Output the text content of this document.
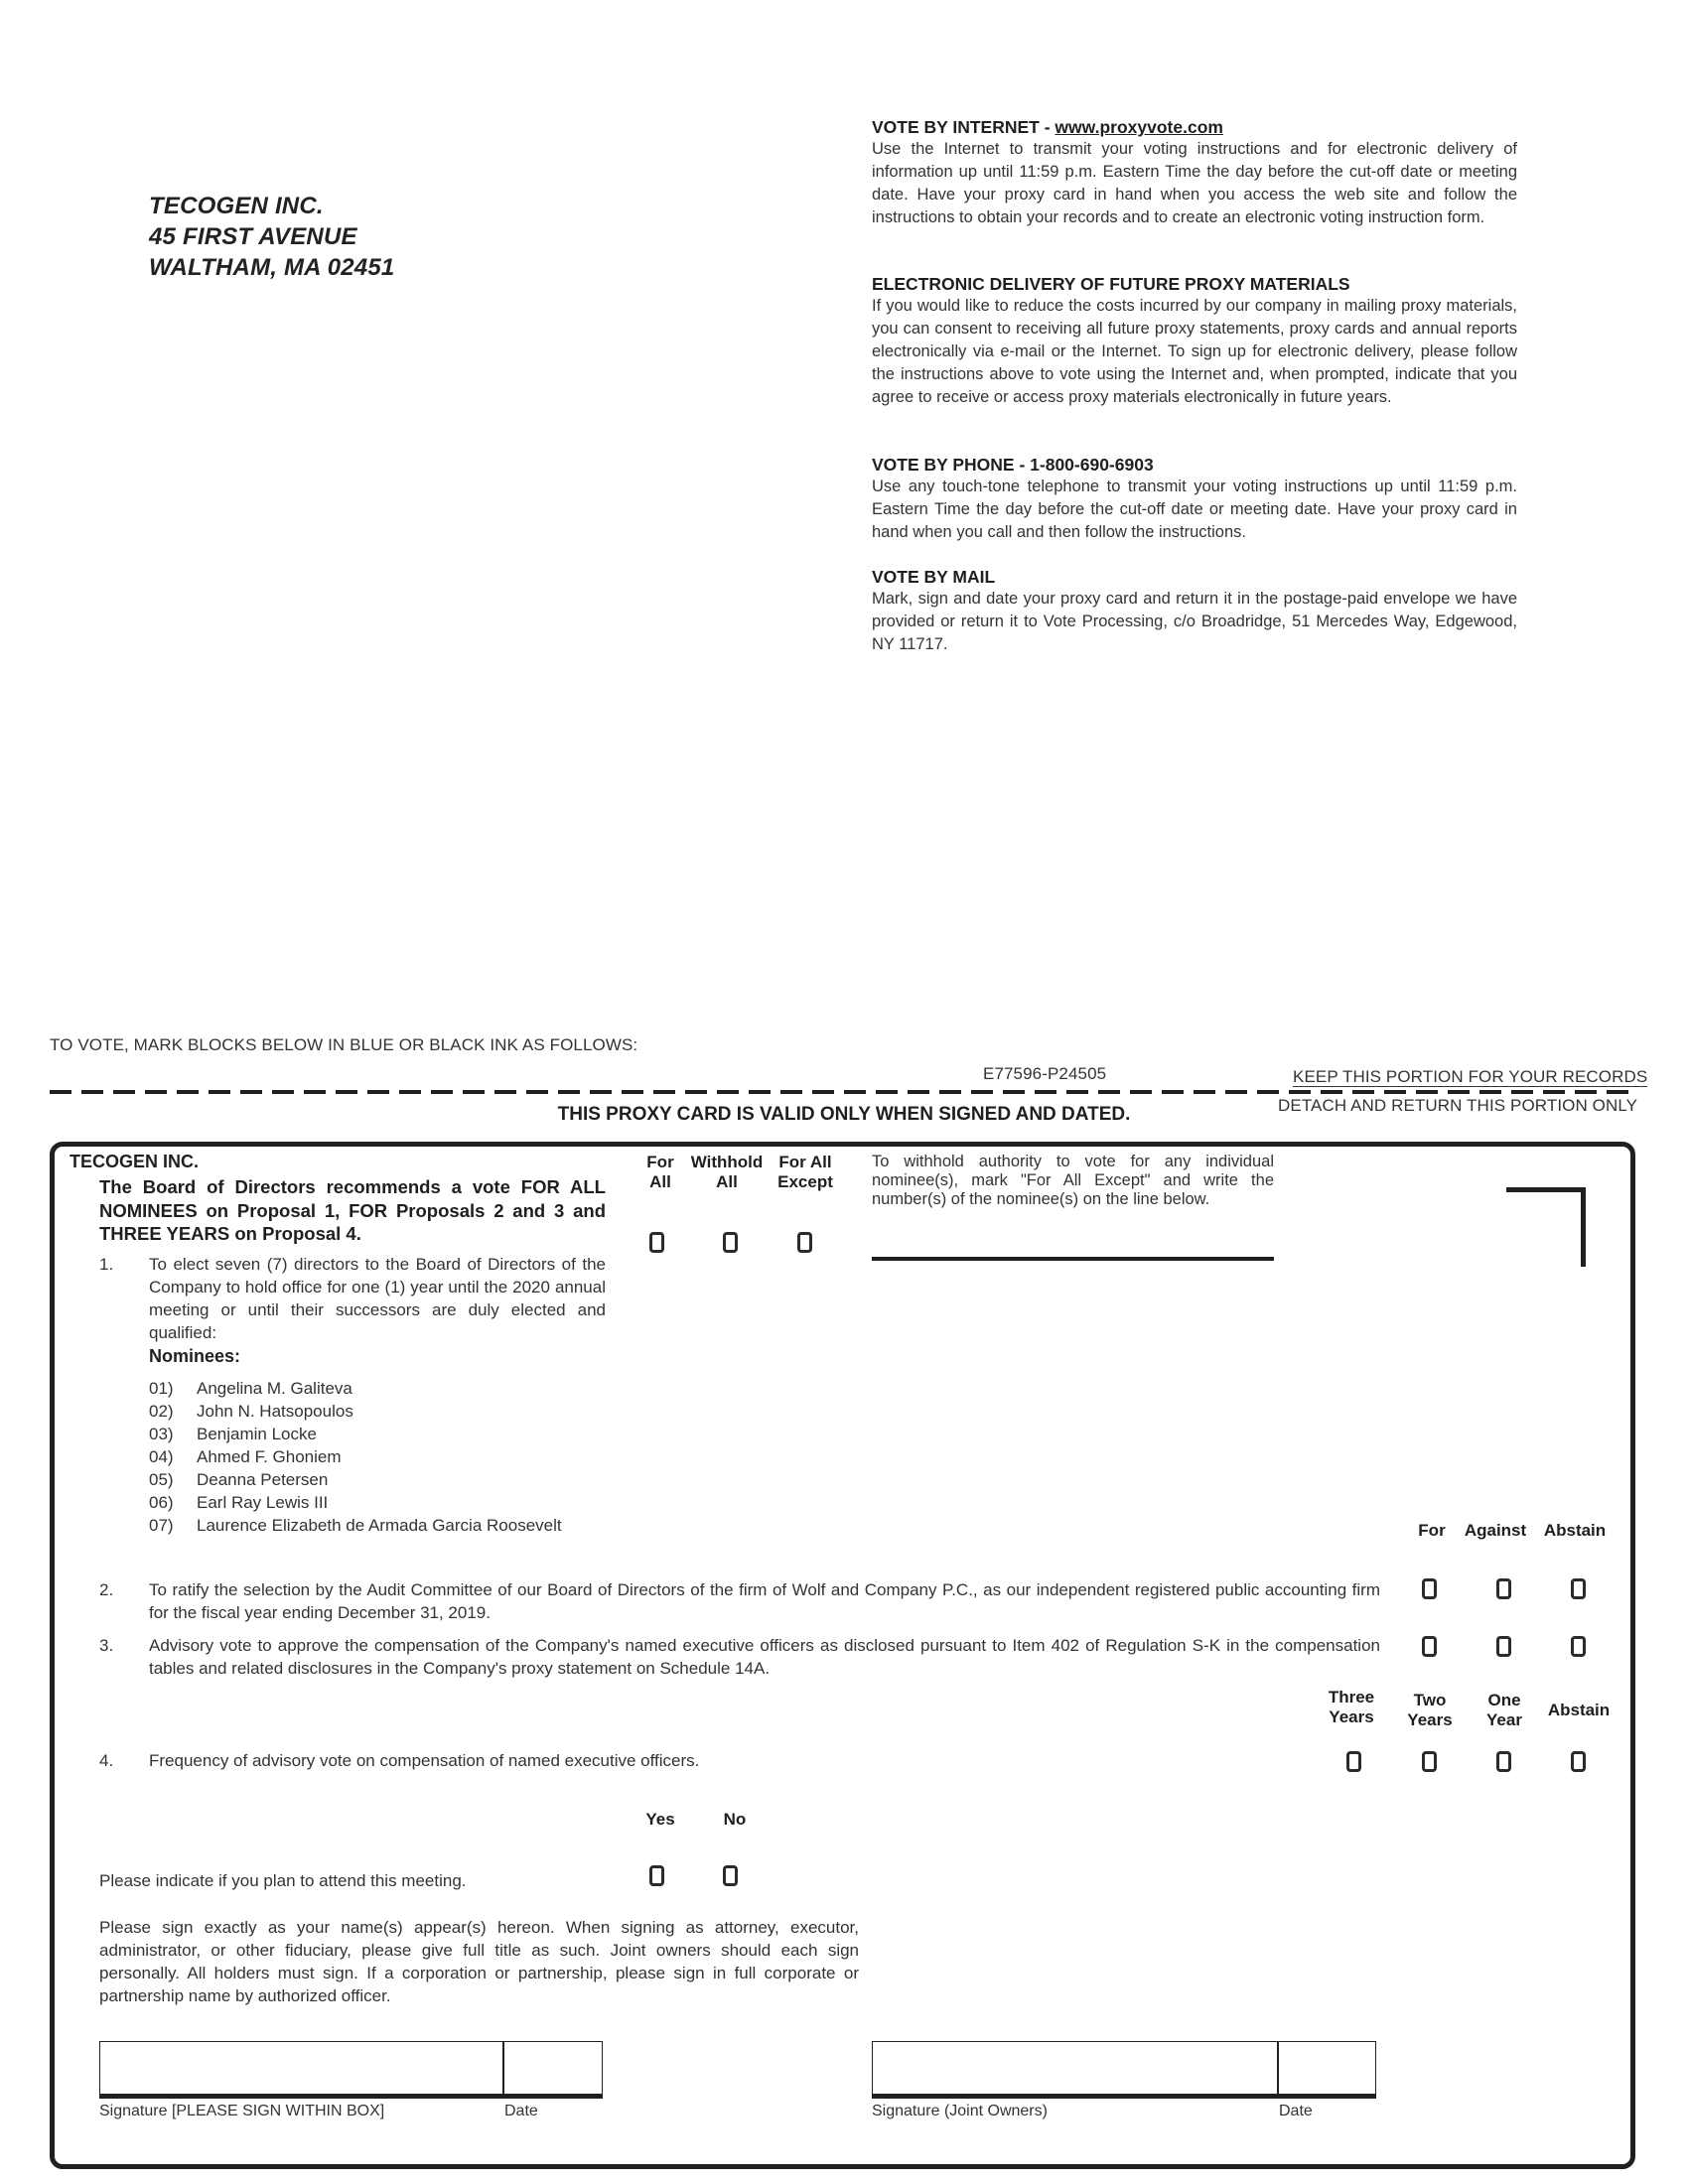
TECOGEN INC.
45 FIRST AVENUE
WALTHAM, MA 02451
VOTE BY INTERNET - www.proxyvote.com

Use the Internet to transmit your voting instructions and for electronic delivery of information up until 11:59 p.m. Eastern Time the day before the cut-off date or meeting date. Have your proxy card in hand when you access the web site and follow the instructions to obtain your records and to create an electronic voting instruction form.

ELECTRONIC DELIVERY OF FUTURE PROXY MATERIALS

If you would like to reduce the costs incurred by our company in mailing proxy materials, you can consent to receiving all future proxy statements, proxy cards and annual reports electronically via e-mail or the Internet. To sign up for electronic delivery, please follow the instructions above to vote using the Internet and, when prompted, indicate that you agree to receive or access proxy materials electronically in future years.

VOTE BY PHONE - 1-800-690-6903

Use any touch-tone telephone to transmit your voting instructions up until 11:59 p.m. Eastern Time the day before the cut-off date or meeting date. Have your proxy card in hand when you call and then follow the instructions.

VOTE BY MAIL

Mark, sign and date your proxy card and return it in the postage-paid envelope we have provided or return it to Vote Processing, c/o Broadridge, 51 Mercedes Way, Edgewood, NY 11717.

TO VOTE, MARK BLOCKS BELOW IN BLUE OR BLACK INK AS FOLLOWS:
E77596-P24505	KEEP THIS PORTION FOR YOUR RECORDS
DETACH AND RETURN THIS PORTION ONLY
THIS PROXY CARD IS VALID ONLY WHEN SIGNED AND DATED.
TECOGEN INC.
The Board of Directors recommends a vote FOR ALL NOMINEES on Proposal 1, FOR Proposals 2 and 3 and THREE YEARS on Proposal 4.
1. To elect seven (7) directors to the Board of Directors of the Company to hold office for one (1) year until the 2020 annual meeting or until their successors are duly elected and qualified:
Nominees:
01) Angelina M. Galiteva
02) John N. Hatsopoulos
03) Benjamin Locke
04) Ahmed F. Ghoniem
05) Deanna Petersen
06) Earl Ray Lewis III
07) Laurence Elizabeth de Armada Garcia Roosevelt
For
All
Withhold
All
For All
Except
To withhold authority to vote for any individual nominee(s), mark "For All Except" and write the number(s) of the nominee(s) on the line below.
For	Against	Abstain
2. To ratify the selection by the Audit Committee of our Board of Directors of the firm of Wolf and Company P.C., as our independent registered public accounting firm for the fiscal year ending December 31, 2019.
3. Advisory vote to approve the compensation of the Company's named executive officers as disclosed pursuant to Item 402 of Regulation S-K in the compensation tables and related disclosures in the Company's proxy statement on Schedule 14A.
Three
Years
Two
Years
One
Year
Abstain
4. Frequency of advisory vote on compensation of named executive officers.
Yes	No
Please indicate if you plan to attend this meeting.
Please sign exactly as your name(s) appear(s) hereon. When signing as attorney, executor, administrator, or other fiduciary, please give full title as such. Joint owners should each sign personally. All holders must sign. If a corporation or partnership, please sign in full corporate or partnership name by authorized officer.
Signature [PLEASE SIGN WITHIN BOX]	Date	Signature (Joint Owners)	Date
